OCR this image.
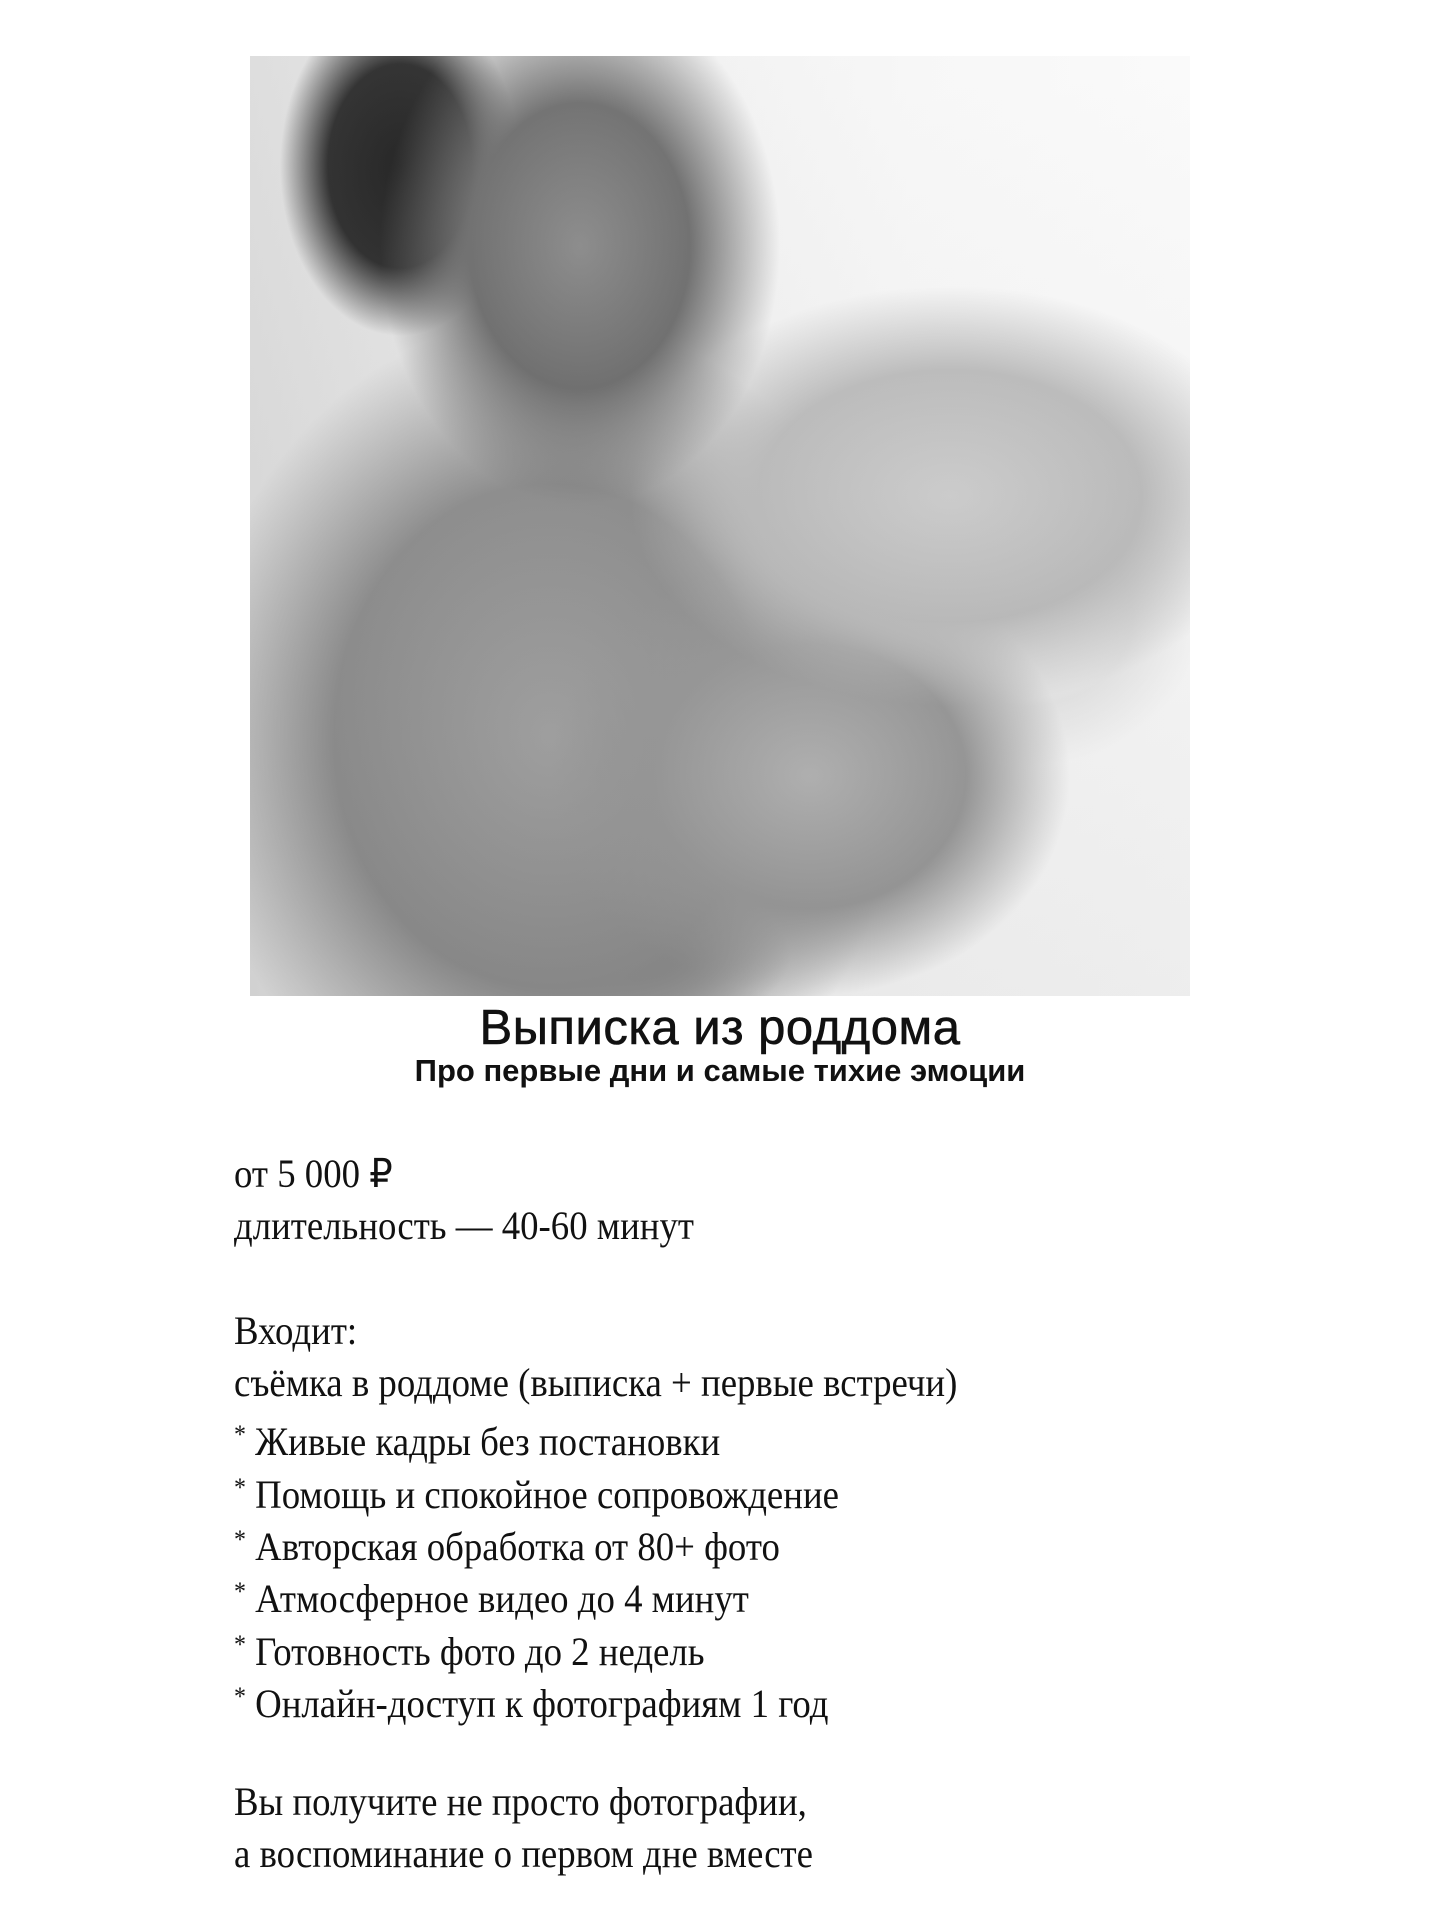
Выписка из роддома
Про первые дни и самые тихие эмоции
от 5 000 ₽
длительность — 40-60 минут
Входит:
съёмка в роддоме (выписка + первые встречи)
* Живые кадры без постановки
* Помощь и спокойное сопровождение
* Авторская обработка от 80+ фото
* Атмосферное видео до 4 минут
* Готовность фото до 2 недель
* Онлайн-доступ к фотографиям 1 год
Вы получите не просто фотографии,
а воспоминание о первом дне вместе
